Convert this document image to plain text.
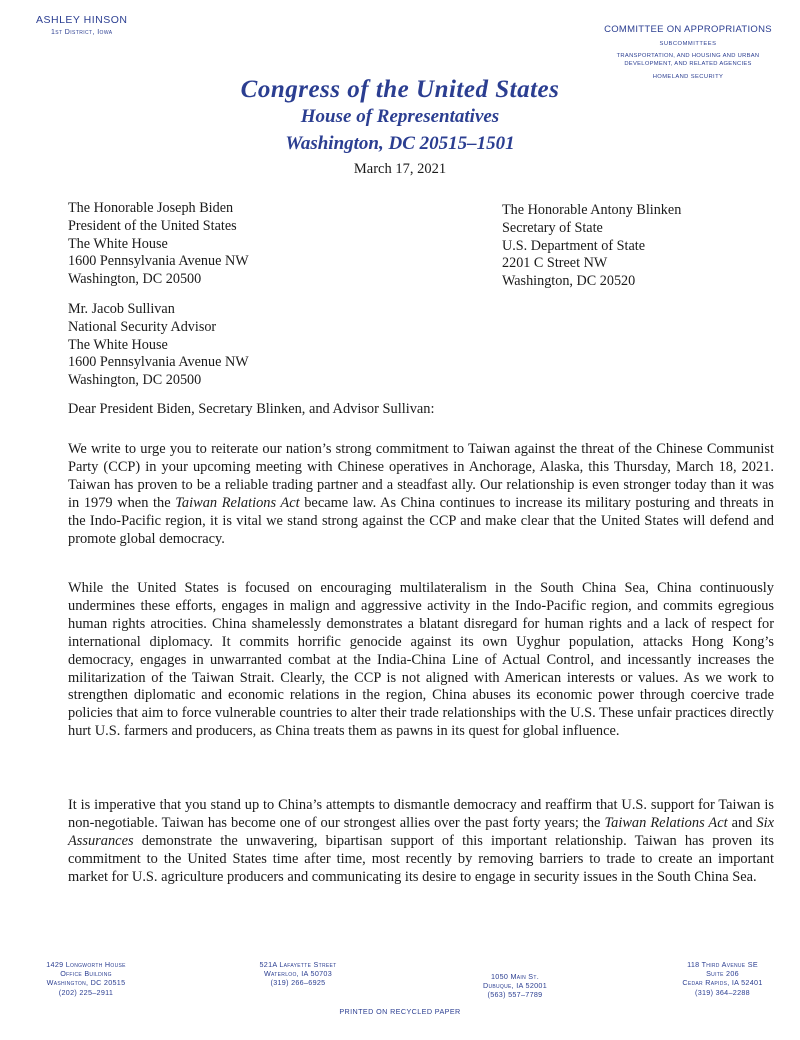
ASHLEY HINSON
1st District, Iowa	COMMITTEE ON APPROPRIATIONS
SUBCOMMITTEES
TRANSPORTATION, AND HOUSING AND URBAN DEVELOPMENT, AND RELATED AGENCIES
HOMELAND SECURITY
Congress of the United States
House of Representatives
Washington, DC 20515–1501
March 17, 2021
The Honorable Joseph Biden
President of the United States
The White House
1600 Pennsylvania Avenue NW
Washington, DC 20500
The Honorable Antony Blinken
Secretary of State
U.S. Department of State
2201 C Street NW
Washington, DC 20520
Mr. Jacob Sullivan
National Security Advisor
The White House
1600 Pennsylvania Avenue NW
Washington, DC 20500
Dear President Biden, Secretary Blinken, and Advisor Sullivan:
We write to urge you to reiterate our nation’s strong commitment to Taiwan against the threat of the Chinese Communist Party (CCP) in your upcoming meeting with Chinese operatives in Anchorage, Alaska, this Thursday, March 18, 2021. Taiwan has proven to be a reliable trading partner and a steadfast ally. Our relationship is even stronger today than it was in 1979 when the Taiwan Relations Act became law. As China continues to increase its military posturing and threats in the Indo-Pacific region, it is vital we stand strong against the CCP and make clear that the United States will defend and promote global democracy.
While the United States is focused on encouraging multilateralism in the South China Sea, China continuously undermines these efforts, engages in malign and aggressive activity in the Indo-Pacific region, and commits egregious human rights atrocities. China shamelessly demonstrates a blatant disregard for human rights and a lack of respect for international diplomacy. It commits horrific genocide against its own Uyghur population, attacks Hong Kong’s democracy, engages in unwarranted combat at the India-China Line of Actual Control, and incessantly increases the militarization of the Taiwan Strait. Clearly, the CCP is not aligned with American interests or values. As we work to strengthen diplomatic and economic relations in the region, China abuses its economic power through coercive trade policies that aim to force vulnerable countries to alter their trade relationships with the U.S. These unfair practices directly hurt U.S. farmers and producers, as China treats them as pawns in its quest for global influence.
It is imperative that you stand up to China’s attempts to dismantle democracy and reaffirm that U.S. support for Taiwan is non-negotiable. Taiwan has become one of our strongest allies over the past forty years; the Taiwan Relations Act and Six Assurances demonstrate the unwavering, bipartisan support of this important relationship. Taiwan has proven its commitment to the United States time after time, most recently by removing barriers to trade to create an important market for U.S. agriculture producers and communicating its desire to engage in security issues in the South China Sea.
1429 Longworth House
Office Building
Washington, DC 20515
(202) 225–2911
521A Lafayette Street
Waterloo, IA 50703
(319) 266–6925
1050 Main St.
Dubuque, IA 52001
(563) 557–7789
118 Third Avenue SE
Suite 206
Cedar Rapids, IA 52401
(319) 364–2288
PRINTED ON RECYCLED PAPER
